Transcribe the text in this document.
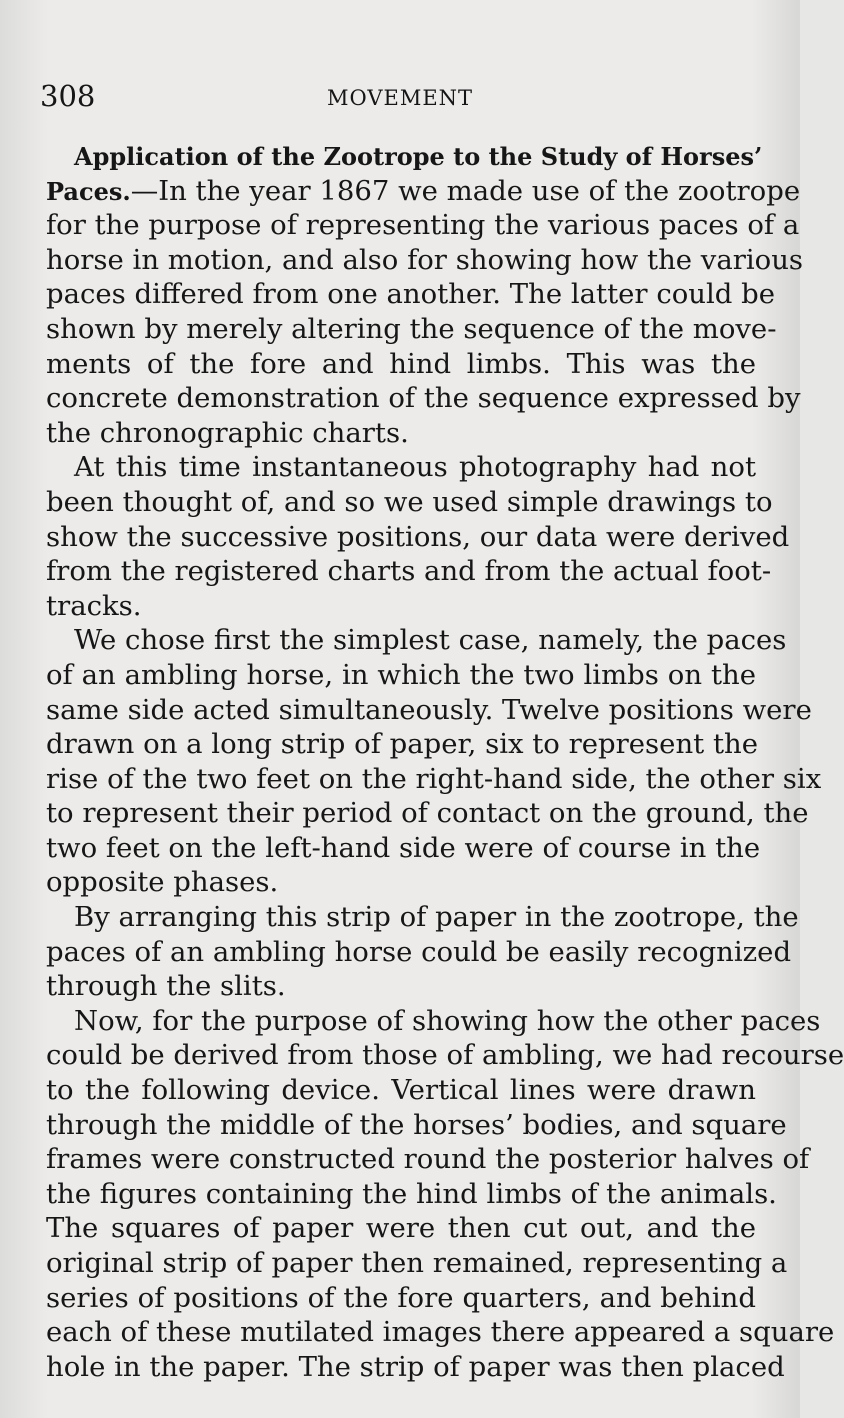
308	MOVEMENT
Application of the Zootrope to the Study of Horses’
Paces.—In the year 1867 we made use of the zootrope
for the purpose of representing the various paces of a
horse in motion, and also for showing how the various
paces differed from one another. The latter could be
shown by merely altering the sequence of the move-
ments of the fore and hind limbs. This was the
concrete demonstration of the sequence expressed by
the chronographic charts.
At this time instantaneous photography had not
been thought of, and so we used simple drawings to
show the successive positions, our data were derived
from the registered charts and from the actual foot-
tracks.
We chose first the simplest case, namely, the paces
of an ambling horse, in which the two limbs on the
same side acted simultaneously. Twelve positions were
drawn on a long strip of paper, six to represent the
rise of the two feet on the right-hand side, the other six
to represent their period of contact on the ground, the
two feet on the left-hand side were of course in the
opposite phases.
By arranging this strip of paper in the zootrope, the
paces of an ambling horse could be easily recognized
through the slits.
Now, for the purpose of showing how the other paces
could be derived from those of ambling, we had recourse
to the following device. Vertical lines were drawn
through the middle of the horses’ bodies, and square
frames were constructed round the posterior halves of
the figures containing the hind limbs of the animals.
The squares of paper were then cut out, and the
original strip of paper then remained, representing a
series of positions of the fore quarters, and behind
each of these mutilated images there appeared a square
hole in the paper. The strip of paper was then placed
